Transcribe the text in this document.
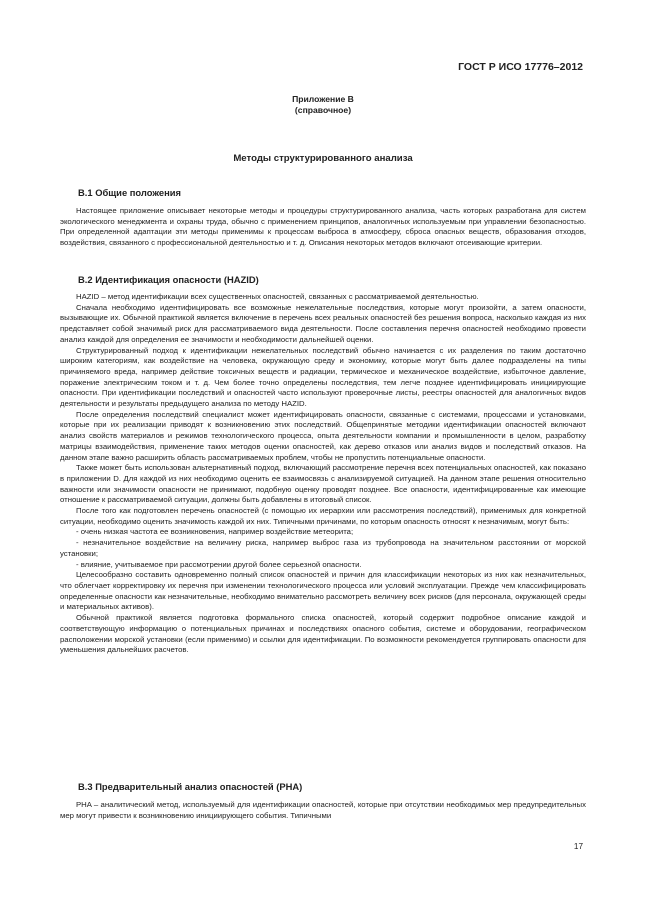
ГОСТ Р ИСО 17776–2012
Приложение В
(справочное)
Методы структурированного анализа
B.1 Общие положения

Настоящее приложение описывает некоторые методы и процедуры структурированного анализа, часть которых разработана для систем экологического менеджмента и охраны труда, обычно с применением принципов, аналогичных используемым при управлении безопасностью. При определенной адаптации эти методы применимы к процессам выброса в атмосферу, сброса опасных веществ, образования отходов, воздействия, связанного с профессиональной деятельностью и т. д. Описания некоторых методов включают отсеивающие критерии.

B.2 Идентификация опасности (HAZID)

HAZID – метод идентификации всех существенных опасностей, связанных с рассматриваемой деятельностью.

Сначала необходимо идентифицировать все возможные нежелательные последствия, которые могут произойти, а затем опасности, вызывающие их. Обычной практикой является включение в перечень всех реальных опасностей без решения вопроса, насколько каждая из них представляет собой значимый риск для рассматриваемого вида деятельности. После составления перечня опасностей необходимо провести анализ каждой для определения ее значимости и необходимости дальнейшей оценки.

Структурированный подход к идентификации нежелательных последствий обычно начинается с их разделения по таким достаточно широким категориям, как воздействие на человека, окружающую среду и экономику, которые могут быть далее подразделены на типы причиняемого вреда, например действие токсичных веществ и радиации, термическое и механическое воздействие, избыточное давление, поражение электрическим током и т. д. Чем более точно определены последствия, тем легче позднее идентифицировать инициирующие опасности. При идентификации последствий и опасностей часто используют проверочные листы, реестры опасностей для аналогичных видов деятельности и результаты предыдущего анализа по методу HAZID.

После определения последствий специалист может идентифицировать опасности, связанные с системами, процессами и установками, которые при их реализации приводят к возникновению этих последствий. Общепринятые методики идентификации опасностей включают анализ свойств материалов и режимов технологического процесса, опыта деятельности компании и промышленности в целом, разработку матрицы взаимодействия, применение таких методов оценки опасностей, как дерево отказов или анализ видов и последствий отказов. На данном этапе важно расширить область рассматриваемых проблем, чтобы не пропустить потенциальные опасности.

Также может быть использован альтернативный подход, включающий рассмотрение перечня всех потенциальных опасностей, как показано в приложении D. Для каждой из них необходимо оценить ее взаимосвязь с анализируемой ситуацией. На данном этапе решения относительно важности или значимости опасности не принимают, подобную оценку проводят позднее. Все опасности, идентифицированные как имеющие отношение к рассматриваемой ситуации, должны быть добавлены в итоговый список.

После того как подготовлен перечень опасностей (с помощью их иерархии или рассмотрения последствий), применимых для конкретной ситуации, необходимо оценить значимость каждой их них. Типичными причинами, по которым опасность относят к незначимым, могут быть:

- очень низкая частота ее возникновения, например воздействие метеорита;

- незначительное воздействие на величину риска, например выброс газа из трубопровода на значительном расстоянии от морской установки;

- влияние, учитываемое при рассмотрении другой более серьезной опасности.

Целесообразно составить одновременно полный список опасностей и причин для классификации некоторых из них как незначительных, что облегчает корректировку их перечня при изменении технологического процесса или условий эксплуатации. Прежде чем классифицировать определенные опасности как незначительные, необходимо внимательно рассмотреть величину всех рисков (для персонала, окружающей среды и материальных активов).

Обычной практикой является подготовка формального списка опасностей, который содержит подробное описание каждой и соответствующую информацию о потенциальных причинах и последствиях опасного события, системе и оборудовании, географическом расположении морской установки (если применимо) и ссылки для идентификации. По возможности рекомендуется группировать опасности для уменьшения дальнейших расчетов.

B.3 Предварительный анализ опасностей (PHA)

PHA – аналитический метод, используемый для идентификации опасностей, которые при отсутствии необходимых мер предупредительных мер могут привести к возникновению инициирующего события. Типичными

17
